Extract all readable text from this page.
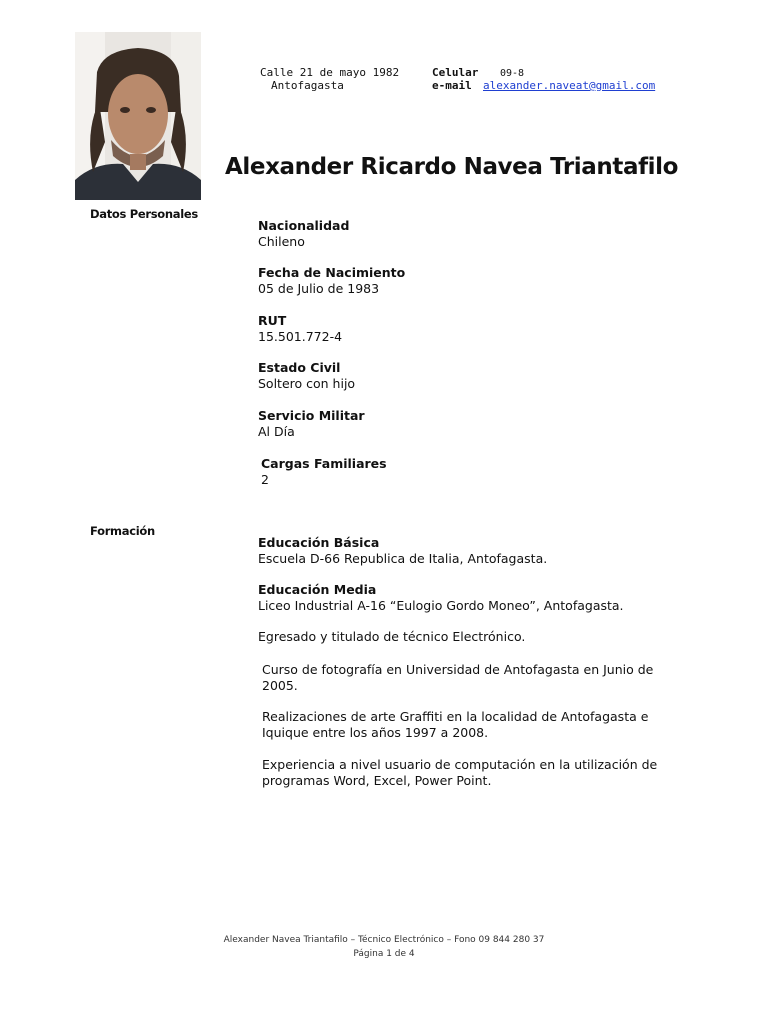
Calle 21 de mayo 1982
Antofagasta
Celular 09-8
e-mail alexander.naveat@gmail.com
Alexander Ricardo Navea Triantafilo
Datos Personales
Nacionalidad
Chileno
Fecha de Nacimiento
05 de Julio de 1983
RUT
15.501.772-4
Estado Civil
Soltero con hijo
Servicio Militar
Al Día
Cargas Familiares
2
Formación
Educación Básica
Escuela D-66 Republica de Italia, Antofagasta.
Educación Media
Liceo Industrial A-16 “Eulogio Gordo Moneo”, Antofagasta.
Egresado y titulado de técnico Electrónico.
Curso de fotografía en Universidad de Antofagasta en Junio de 2005.
Realizaciones de arte Graffiti en la localidad de Antofagasta e Iquique entre los años 1997 a 2008.
Experiencia a nivel usuario de computación en la utilización de programas Word, Excel, Power Point.
Alexander Navea Triantafilo – Técnico Electrónico – Fono 09 844 280 37
Página 1 de 4
